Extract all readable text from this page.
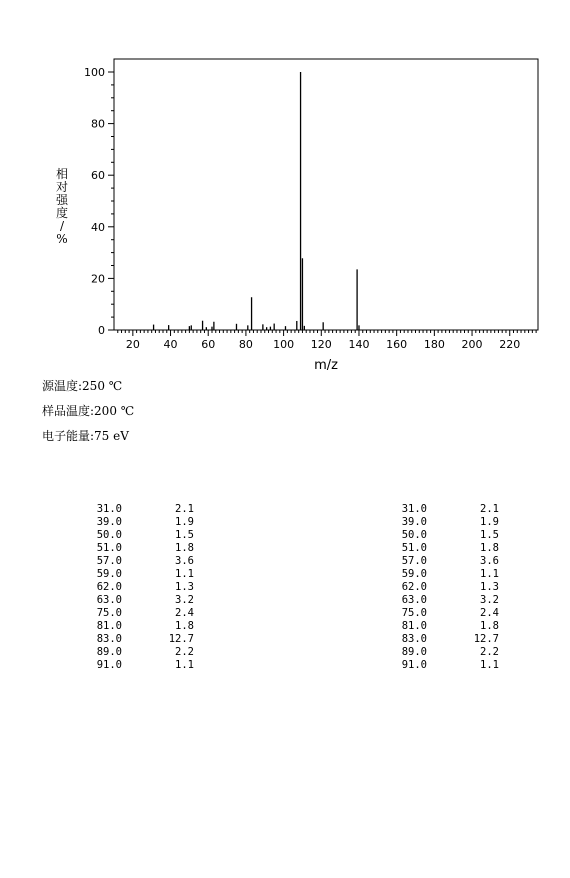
0
20
40
60
80
100
20 40 60 80 100 120 140 160 180 200 220
m/z
相
对
强
度
/
%
源温度:250 ℃
样品温度:200 ℃
电子能量:75 eV
31.0	2.1
39.0	1.9
50.0	1.5
51.0	1.8
57.0	3.6
59.0	1.1
62.0	1.3
63.0	3.2
75.0	2.4
81.0	1.8
83.0	12.7
89.0	2.2
91.0	1.1
31.0	2.1
39.0	1.9
50.0	1.5
51.0	1.8
57.0	3.6
59.0	1.1
62.0	1.3
63.0	3.2
75.0	2.4
81.0	1.8
83.0	12.7
89.0	2.2
91.0	1.1
